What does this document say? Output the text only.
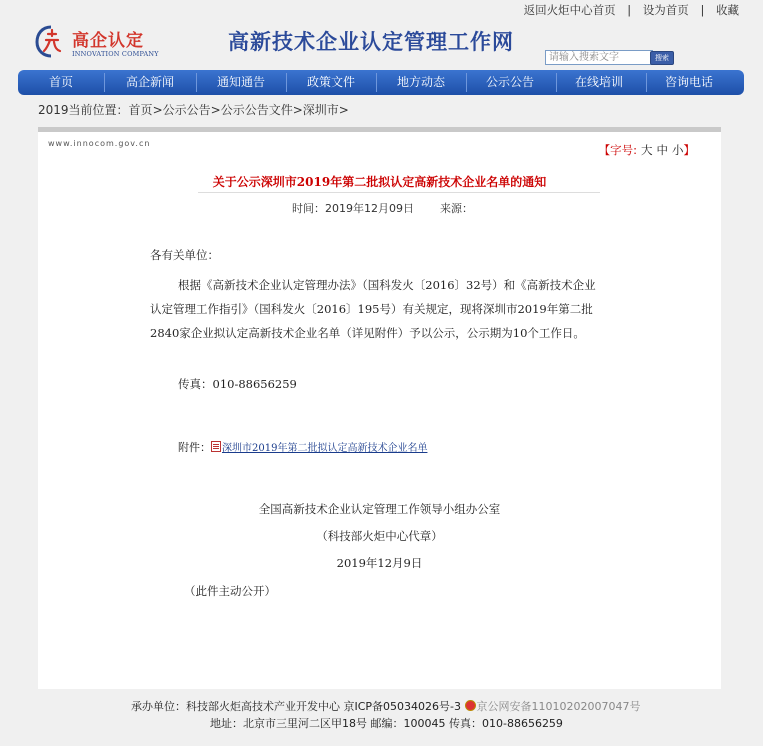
返回火炬中心首页 | 设为首页 | 收藏
高企认定
INNOVATION COMPANY	高新技术企业认定管理工作网
请输入搜索文字	搜索
首页	高企新闻	通知通告	政策文件	地方动态	公示公告	在线培训	咨询电话
2019当前位置：首页>公示公告>公示公告文件>深圳市>
www.innocom.gov.cn	【字号: 大 中 小】
关于公示深圳市2019年第二批拟认定高新技术企业名单的通知
时间：2019年12月09日 来源：
各有关单位：
根据《高新技术企业认定管理办法》（国科发火〔2016〕32号）和《高新技术企业认定管理工作指引》（国科发火〔2016〕195号）有关规定，现将深圳市2019年第二批2840家企业拟认定高新技术企业名单（详见附件）予以公示，公示期为10个工作日。
传真：010-88656259
附件： 深圳市2019年第二批拟认定高新技术企业名单
全国高新技术企业认定管理工作领导小组办公室
（科技部火炬中心代章）
2019年12月9日
（此件主动公开）
承办单位：科技部火炬高技术产业开发中心 京ICP备05034026号-3 京公网安备11010202007047号
地址：北京市三里河二区甲18号 邮编：100045 传真：010-88656259
